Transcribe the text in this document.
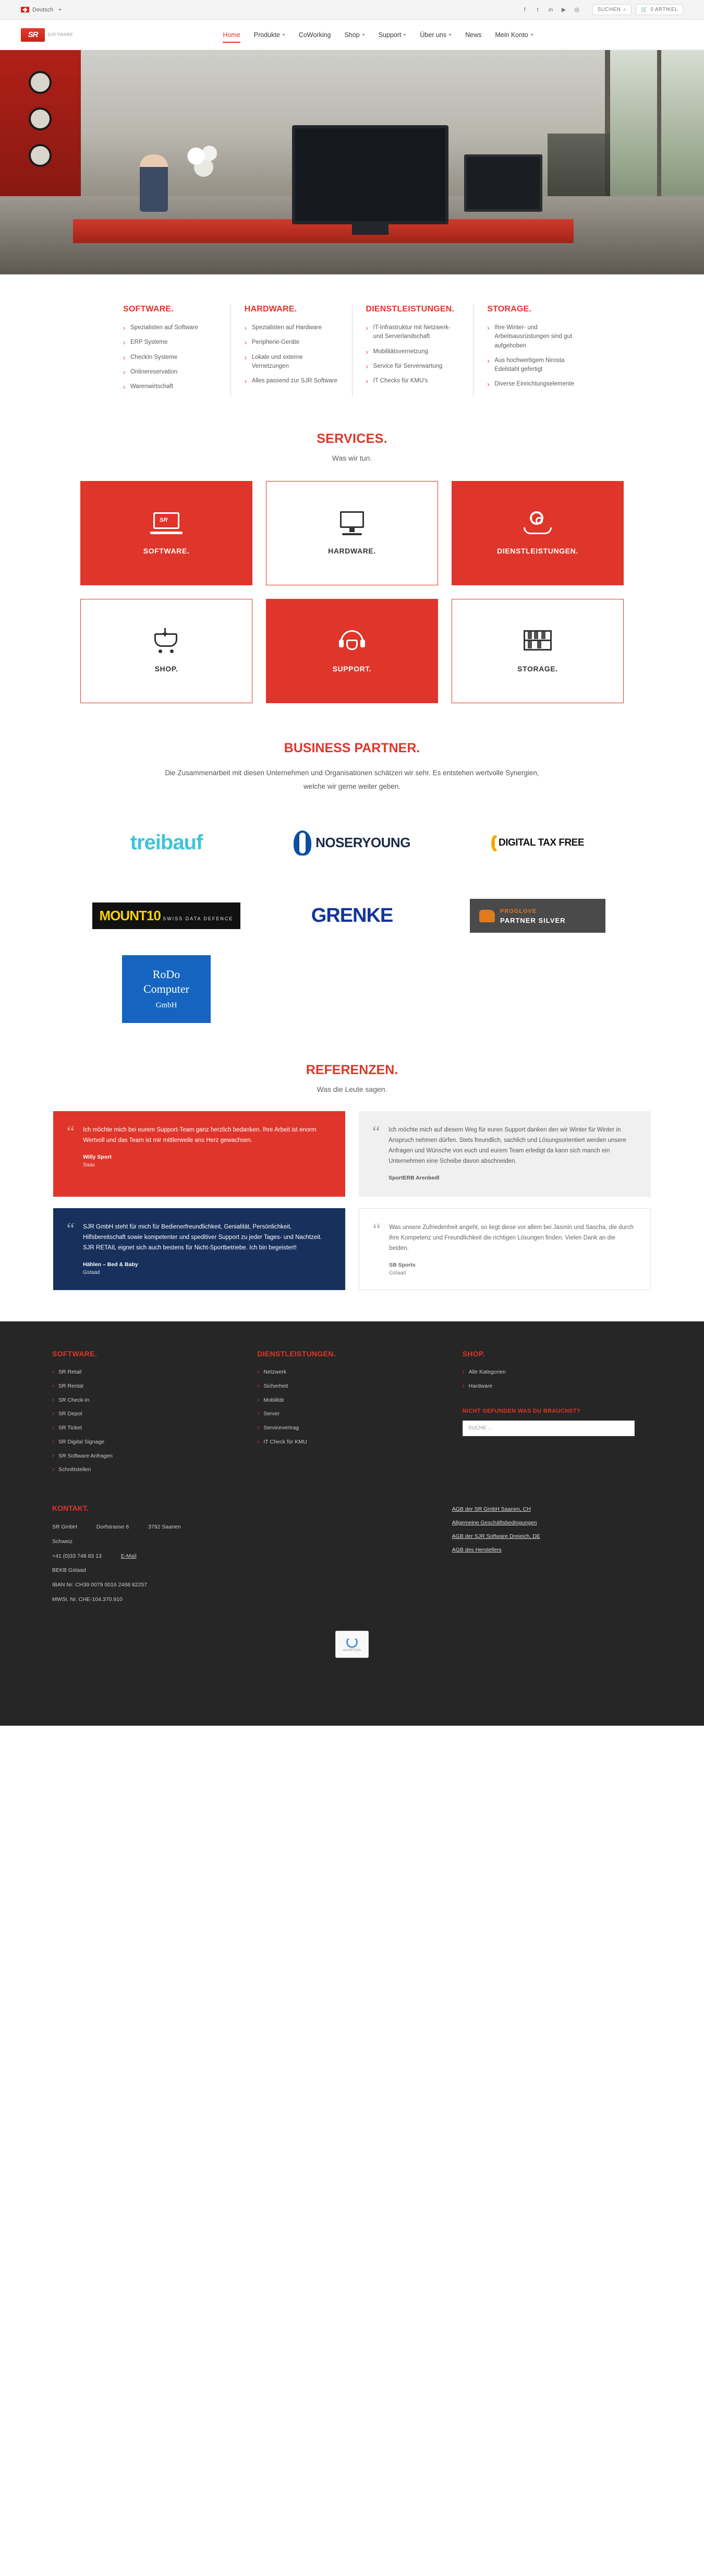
Deutsch	f	t	in ▶ ◎	SUCHEN ⌕	🛒 0 ARTIKEL
SR	SOFTWARE	Home Produkte	CoWorking Shop	Support	Über uns	News Mein Konto
SOFTWARE.
› Spezialisten auf Software
› ERP Systeme
› CheckIn Systeme
› Onlinereservation
› Warenwirtschaft
HARDWARE.
› Spezialisten auf Hardware
› Peripherie-Geräte
› Lokale und externe Vernetzungen
› Alles passend zur SJR Software
DIENSTLEISTUNGEN.
› IT-Infrastruktur mit Netzwerk- und Serverlandschaft
› Mobilitätsvernetzung
› Service für Serverwartung
› IT Checks für KMU's
STORAGE.
› Ihre Winter- und Arbeitsausrüstungen sind gut aufgehoben
› Aus hochwertigem Nirosta Edelstahl gefertigt
› Diverse Einrichtungselemente
SERVICES.
Was wir tun.
SR
SOFTWARE.	HARDWARE.	DIENSTLEISTUNGEN.
SHOP.	SUPPORT.	STORAGE.
BUSINESS PARTNER.

Die Zusammenarbeit mit diesen Unternehmen und Organisationen schätzen wir sehr. Es entstehen wertvolle Synergien, welche wir gerne weiter geben.

treibauf	NOSERYOUNG	DIGITAL TAX FREE
MOUNT10 SWISS DATA DEFENCE	GRENKE	PROGLOVE
PARTNER SILVER
RoDo
Computer
GmbH
REFERENZEN.
Was die Leute sagen.
“ Ich möchte mich bei eurem Support-Team ganz herzlich bedanken. Ihre Arbeit ist enorm Wertvoll und das Team ist mir mittlerweile ans Herz gewachsen.
Willy Sport
Saas
“ Ich möchte mich auf diesem Weg für euren Support danken den wir Winter für Winter in Anspruch nehmen dürfen. Stets freundlich, sachlich und Lösungsorientiert werden unsere Anfragen und Wünsche von euch und eurem Team erledigt da kann sich manch ein Unternehmen eine Scheibe davon abschneiden.
SportERB Arenbedl
“ SJR GmbH steht für mich für Bedienerfreundlichkeit, Genialität, Persönlichkeit, Hilfsbereitschaft sowie kompetenter und speditiver Support zu jeder Tages- und Nachtzeit. SJR RETAIL eignet sich auch bestens für Nicht-Sportbetriebe. Ich bin begeistert!
Hählen – Bed & Baby
Gstaad
“ Was unsere Zufriedenheit angeht, so liegt diese vor allem bei Jasmin und Sascha, die durch ihre Kompetenz und Freundlichkeit die richtigen Lösungen finden. Vielen Dank an die beiden.
SB Sports
Gstaad
SOFTWARE.
› SR Retail
› SR Rental
› SR Check-In
› SR Depot
› SR Ticket
› SR Digital Signage
› SR Software Anfragen
› Schnittstellen
DIENSTLEISTUNGEN.
› Netzwerk
› Sicherheit
› Mobilität
› Server
› Servicevertrag
› IT Check für KMU
SHOP.
› Alle Kategorien
› Hardware
NICHT GEFUNDEN WAS DU BRAUCHST?
SUCHE ...
KONTAKT.
SR GmbH	Dorfstrasse 6	3792 Saanen
Schweiz
+41 (0)33 748 83 13	E-Mail
BEKB Gstaad
IBAN Nr: CH39 0079 0016 2468 82257
MWSt. Nr. CHE-104.370.910
AGB der SR GmbH Saanen, CH
Allgemeine Geschäftsbedingungen
AGB der SJR Software Dreieich, DE
AGB des Herstellers
reCAPTCHA
